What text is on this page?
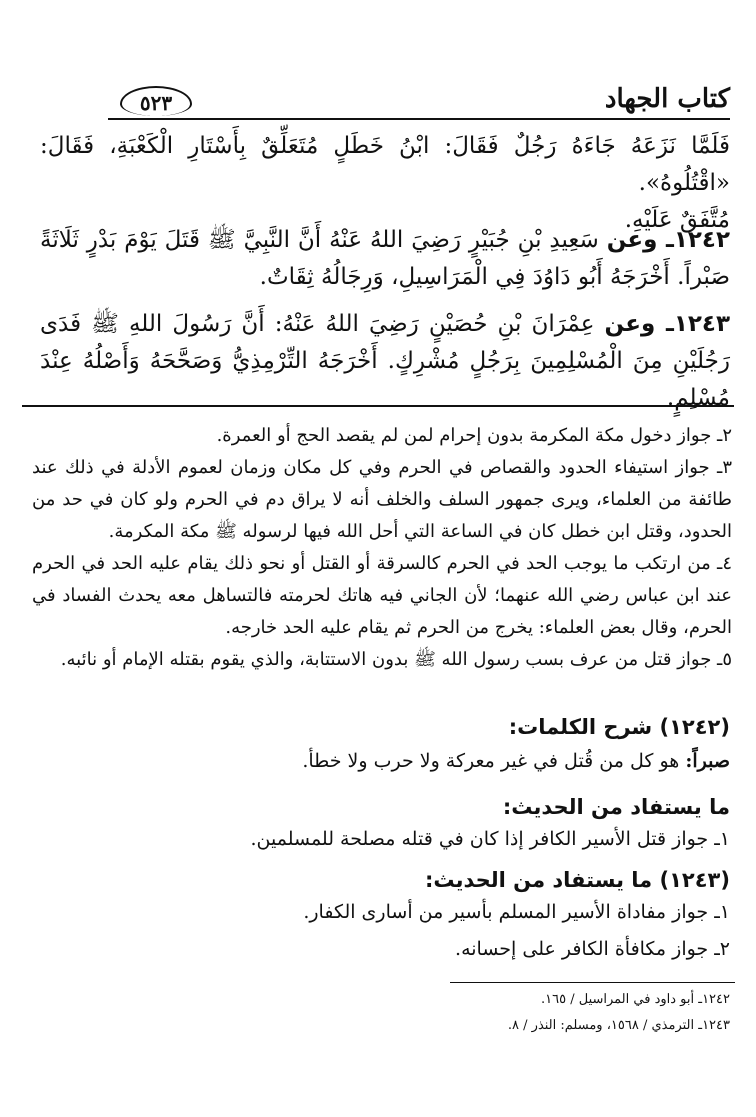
كتاب الجهاد
٥٢٣
فَلَمَّا نَزَعَهُ جَاءَهُ رَجُلٌ فَقَالَ: ابْنُ خَطَلٍ مُتَعَلِّقٌ بِأَسْتَارِ الْكَعْبَةِ، فَقَالَ: «اقْتُلُوهُ».
مُتَّفَقٌ عَلَيْهِ.
١٢٤٢ـ وعن سَعِيدِ بْنِ جُبَيْرٍ رَضِيَ اللهُ عَنْهُ أَنَّ النَّبِيَّ ﷺ قَتَلَ يَوْمَ بَدْرٍ ثَلَاثَةً صَبْراً. أَخْرَجَهُ أَبُو دَاوُدَ فِي الْمَرَاسِيلِ، وَرِجَالُهُ ثِقَاتٌ.
١٢٤٣ـ وعن عِمْرَانَ بْنِ حُصَيْنٍ رَضِيَ اللهُ عَنْهُ: أَنَّ رَسُولَ اللهِ ﷺ فَدَى رَجُلَيْنِ مِنَ الْمُسْلِمِينَ بِرَجُلٍ مُشْرِكٍ. أَخْرَجَهُ التِّرْمِذِيُّ وَصَحَّحَهُ وَأَصْلُهُ عِنْدَ مُسْلِمٍ.

٢ـ جواز دخول مكة المكرمة بدون إحرام لمن لم يقصد الحج أو العمرة.

٣ـ جواز استيفاء الحدود والقصاص في الحرم وفي كل مكان وزمان لعموم الأدلة في ذلك عند طائفة من العلماء، ويرى جمهور السلف والخلف أنه لا يراق دم في الحرم ولو كان في حد من الحدود، وقتل ابن خطل كان في الساعة التي أحل الله فيها لرسوله ﷺ مكة المكرمة.

٤ـ من ارتكب ما يوجب الحد في الحرم كالسرقة أو القتل أو نحو ذلك يقام عليه الحد في الحرم عند ابن عباس رضي الله عنهما؛ لأن الجاني فيه هاتك لحرمته فالتساهل معه يحدث الفساد في الحرم، وقال بعض العلماء: يخرج من الحرم ثم يقام عليه الحد خارجه.

٥ـ جواز قتل من عرف بسب رسول الله ﷺ بدون الاستتابة، والذي يقوم بقتله الإمام أو نائبه.

(١٢٤٢) شرح الكلمات:
صبراً: هو كل من قُتل في غير معركة ولا حرب ولا خطأ.
ما يستفاد من الحديث:
١ـ جواز قتل الأسير الكافر إذا كان في قتله مصلحة للمسلمين.
(١٢٤٣) ما يستفاد من الحديث:
١ـ جواز مفاداة الأسير المسلم بأسير من أسارى الكفار.
٢ـ جواز مكافأة الكافر على إحسانه.
١٢٤٢ـ أبو داود في المراسيل / ١٦٥.
١٢٤٣ـ الترمذي / ١٥٦٨، ومسلم: النذر / ٨.
